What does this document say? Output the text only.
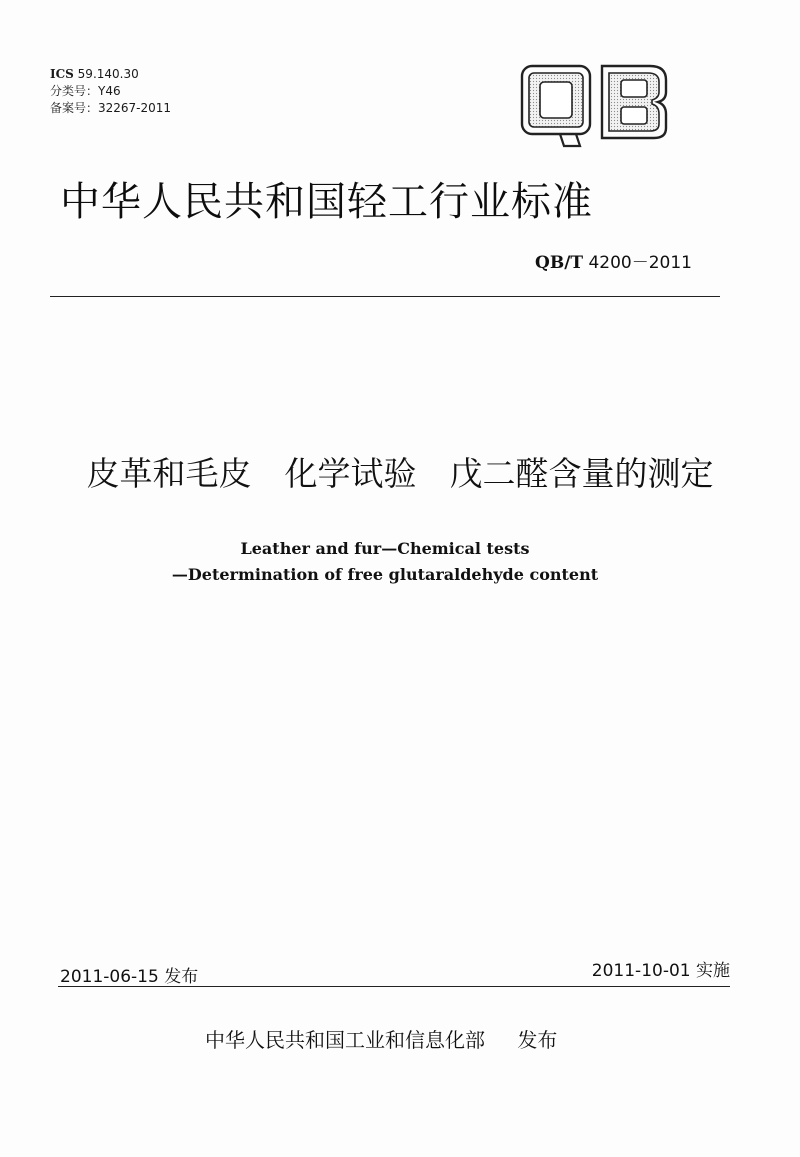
ICS 59.140.30
分类号：Y46
备案号：32267-2011
中华人民共和国轻工行业标准
QB/T 4200－2011
皮革和毛皮　化学试验　戊二醛含量的测定
Leather and fur—Chemical tests
—Determination of free glutaraldehyde content
2011-06-15 发布	2011-10-01 实施
中华人民共和国工业和信息化部 发布
